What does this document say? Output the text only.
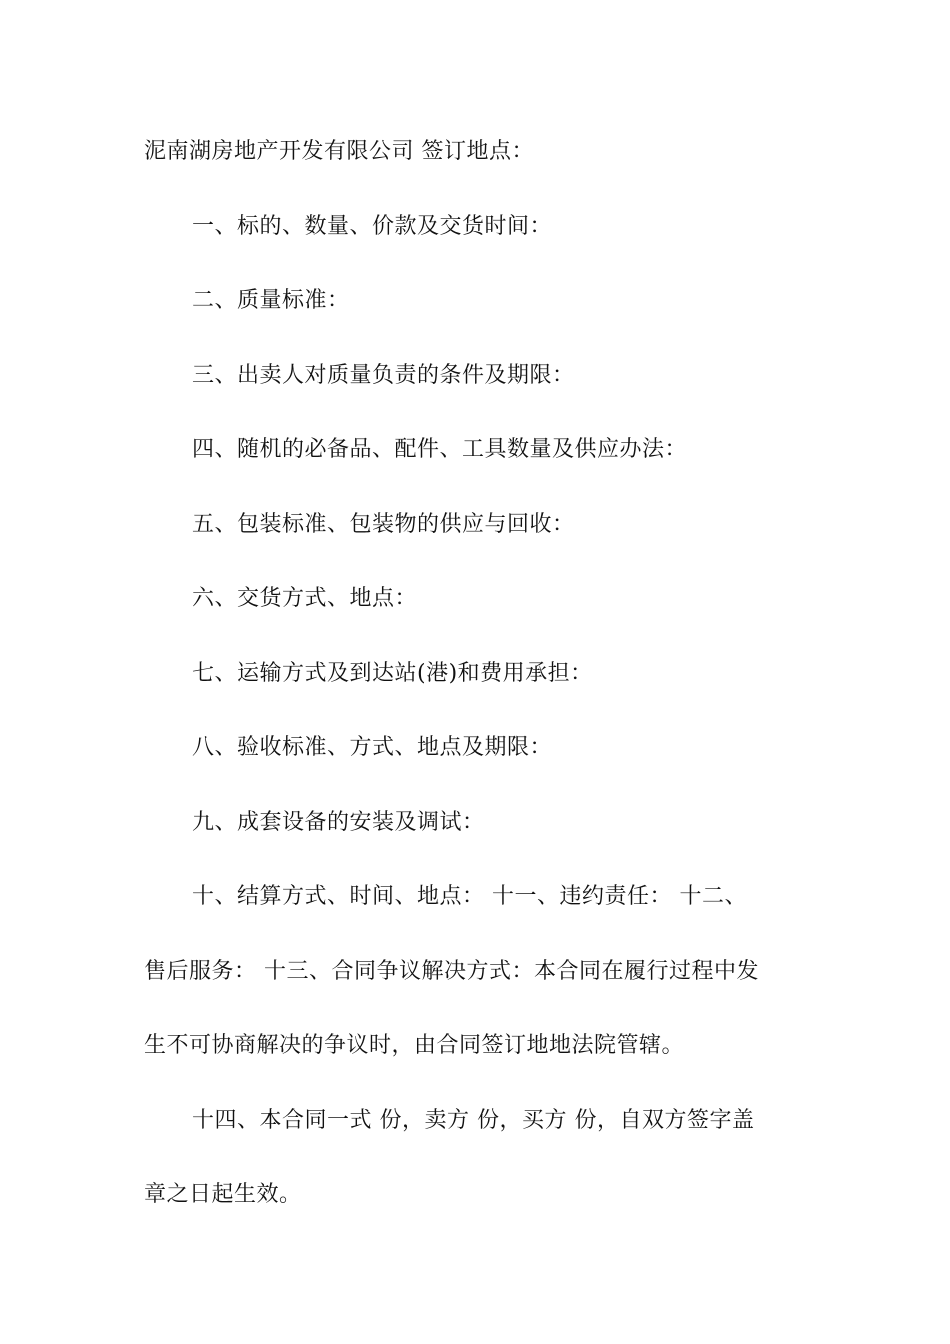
泥南湖房地产开发有限公司 签订地点：
一、标的、数量、价款及交货时间：
二、质量标准：
三、出卖人对质量负责的条件及期限：
四、随机的必备品、配件、工具数量及供应办法：
五、包装标准、包装物的供应与回收：
六、交货方式、地点：
七、运输方式及到达站(港)和费用承担：
八、验收标准、方式、地点及期限：
九、成套设备的安装及调试：
十、结算方式、时间、地点： 十一、违约责任： 十二、
售后服务： 十三、合同争议解决方式：本合同在履行过程中发
生不可协商解决的争议时，由合同签订地地法院管辖。
十四、本合同一式 份，卖方 份，买方 份，自双方签字盖
章之日起生效。
